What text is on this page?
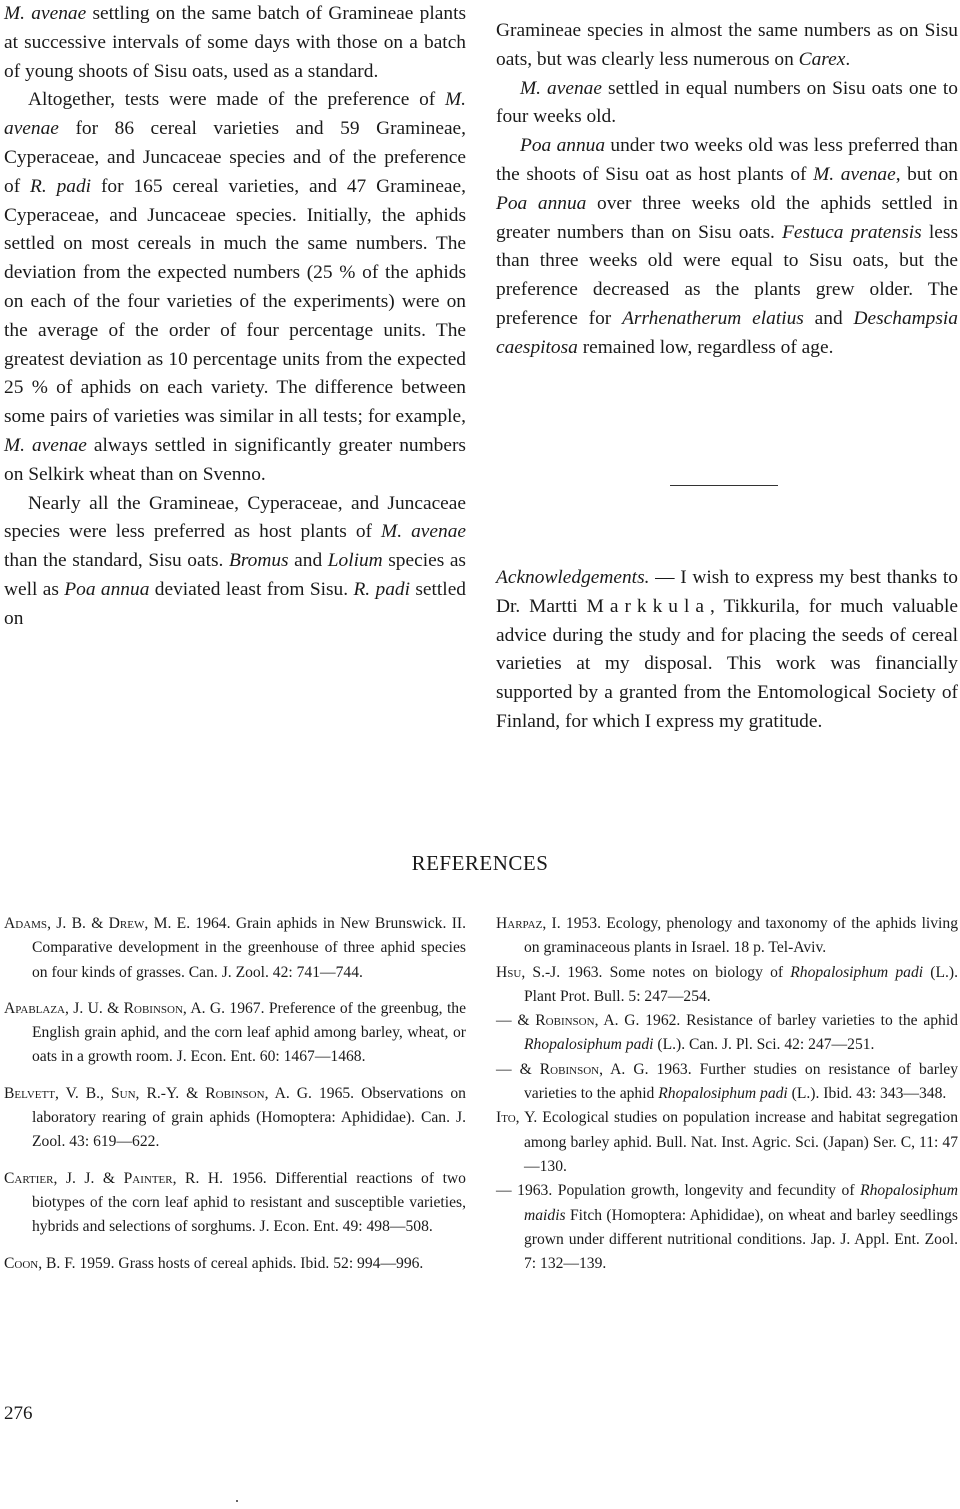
M. avenae settling on the same batch of Gramineae plants at successive intervals of some days with those on a batch of young shoots of Sisu oats, used as a standard.

Altogether, tests were made of the preference of M. avenae for 86 cereal varieties and 59 Gramineae, Cyperaceae, and Juncaceae species and of the preference of R. padi for 165 cereal varieties, and 47 Gramineae, Cyperaceae, and Juncaceae species. Initially, the aphids settled on most cereals in much the same numbers. The deviation from the expected numbers (25 % of the aphids on each of the four varieties of the experiments) were on the average of the order of four percentage units. The greatest deviation as 10 percentage units from the expected 25 % of aphids on each variety. The difference between some pairs of varieties was similar in all tests; for example, M. avenae always settled in significantly greater numbers on Selkirk wheat than on Svenno.

Nearly all the Gramineae, Cyperaceae, and Juncaceae species were less preferred as host plants of M. avenae than the standard, Sisu oats. Bromus and Lolium species as well as Poa annua deviated least from Sisu. R. padi settled on

Gramineae species in almost the same numbers as on Sisu oats, but was clearly less numerous on Carex.

M. avenae settled in equal numbers on Sisu oats one to four weeks old.

Poa annua under two weeks old was less preferred than the shoots of Sisu oat as host plants of M. avenae, but on Poa annua over three weeks old the aphids settled in greater numbers than on Sisu oats. Festuca pratensis less than three weeks old were equal to Sisu oats, but the preference decreased as the plants grew older. The preference for Arrhenatherum elatius and Deschampsia caespitosa remained low, regardless of age.

Acknowledgements. — I wish to express my best thanks to Dr. Martti Markkula, Tikkurila, for much valuable advice during the study and for placing the seeds of cereal varieties at my disposal. This work was financially supported by a granted from the Entomological Society of Finland, for which I express my gratitude.

REFERENCES

Adams, J. B. & Drew, M. E. 1964. Grain aphids in New Brunswick. II. Comparative development in the greenhouse of three aphid species on four kinds of grasses. Can. J. Zool. 42: 741—744.

Apablaza, J. U. & Robinson, A. G. 1967. Preference of the greenbug, the English grain aphid, and the corn leaf aphid among barley, wheat, or oats in a growth room. J. Econ. Ent. 60: 1467—1468.

Belvett, V. B., Sun, R.-Y. & Robinson, A. G. 1965. Observations on laboratory rearing of grain aphids (Homoptera: Aphididae). Can. J. Zool. 43: 619—622.

Cartier, J. J. & Painter, R. H. 1956. Differential reactions of two biotypes of the corn leaf aphid to resistant and susceptible varieties, hybrids and selections of sorghums. J. Econ. Ent. 49: 498—508.

Coon, B. F. 1959. Grass hosts of cereal aphids. Ibid. 52: 994—996.

Harpaz, I. 1953. Ecology, phenology and taxonomy of the aphids living on graminaceous plants in Israel. 18 p. Tel-Aviv.

Hsu, S.-J. 1963. Some notes on biology of Rhopalosiphum padi (L.). Plant Prot. Bull. 5: 247—254.

— & Robinson, A. G. 1962. Resistance of barley varieties to the aphid Rhopalosiphum padi (L.). Can. J. Pl. Sci. 42: 247—251.

— & Robinson, A. G. 1963. Further studies on resistance of barley varieties to the aphid Rhopalosiphum padi (L.). Ibid. 43: 343—348.

Ito, Y. Ecological studies on population increase and habitat segregation among barley aphid. Bull. Nat. Inst. Agric. Sci. (Japan) Ser. C, 11: 47—130.

— 1963. Population growth, longevity and fecundity of Rhopalosiphum maidis Fitch (Homoptera: Aphididae), on wheat and barley seedlings grown under different nutritional conditions. Jap. J. Appl. Ent. Zool. 7: 132—139.

276
